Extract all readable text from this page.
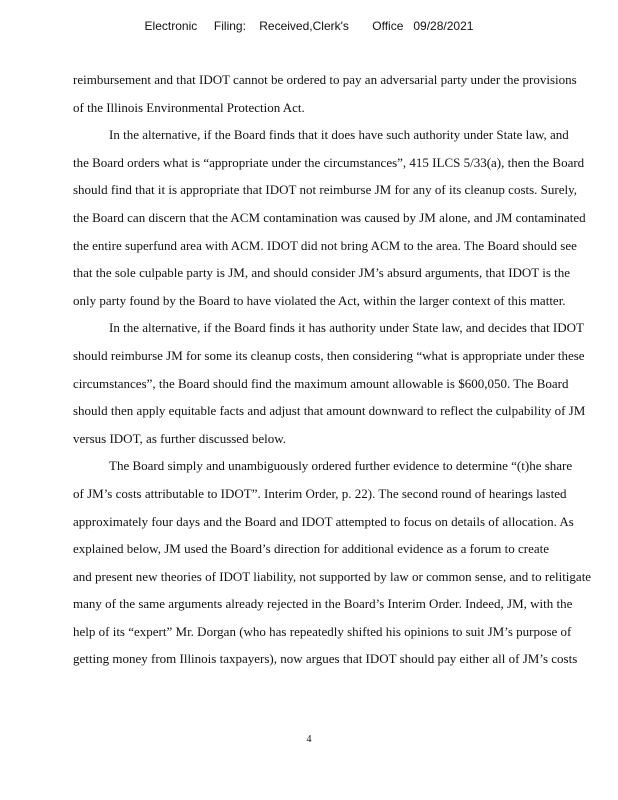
Electronic     Filing:    Received,Clerk's       Office   09/28/2021
reimbursement and that IDOT cannot be ordered to pay an adversarial party under the provisions
of the Illinois Environmental Protection Act.
In the alternative, if the Board finds that it does have such authority under State law, and
the Board orders what is “appropriate under the circumstances”, 415 ILCS 5/33(a), then the Board
should find that it is appropriate that IDOT not reimburse JM for any of its cleanup costs. Surely,
the Board can discern that the ACM contamination was caused by JM alone, and JM contaminated
the entire superfund area with ACM. IDOT did not bring ACM to the area. The Board should see
that the sole culpable party is JM, and should consider JM’s absurd arguments, that IDOT is the
only party found by the Board to have violated the Act, within the larger context of this matter.
In the alternative, if the Board finds it has authority under State law, and decides that IDOT
should reimburse JM for some its cleanup costs, then considering “what is appropriate under these
circumstances”, the Board should find the maximum amount allowable is $600,050. The Board
should then apply equitable facts and adjust that amount downward to reflect the culpability of JM
versus IDOT, as further discussed below.
The Board simply and unambiguously ordered further evidence to determine “(t)he share
of JM’s costs attributable to IDOT”. Interim Order, p. 22). The second round of hearings lasted
approximately four days and the Board and IDOT attempted to focus on details of allocation. As
explained below, JM used the Board’s direction for additional evidence as a forum to create
and present new theories of IDOT liability, not supported by law or common sense, and to relitigate
many of the same arguments already rejected in the Board’s Interim Order. Indeed, JM, with the
help of its “expert” Mr. Dorgan (who has repeatedly shifted his opinions to suit JM’s purpose of
getting money from Illinois taxpayers), now argues that IDOT should pay either all of JM’s costs
4
